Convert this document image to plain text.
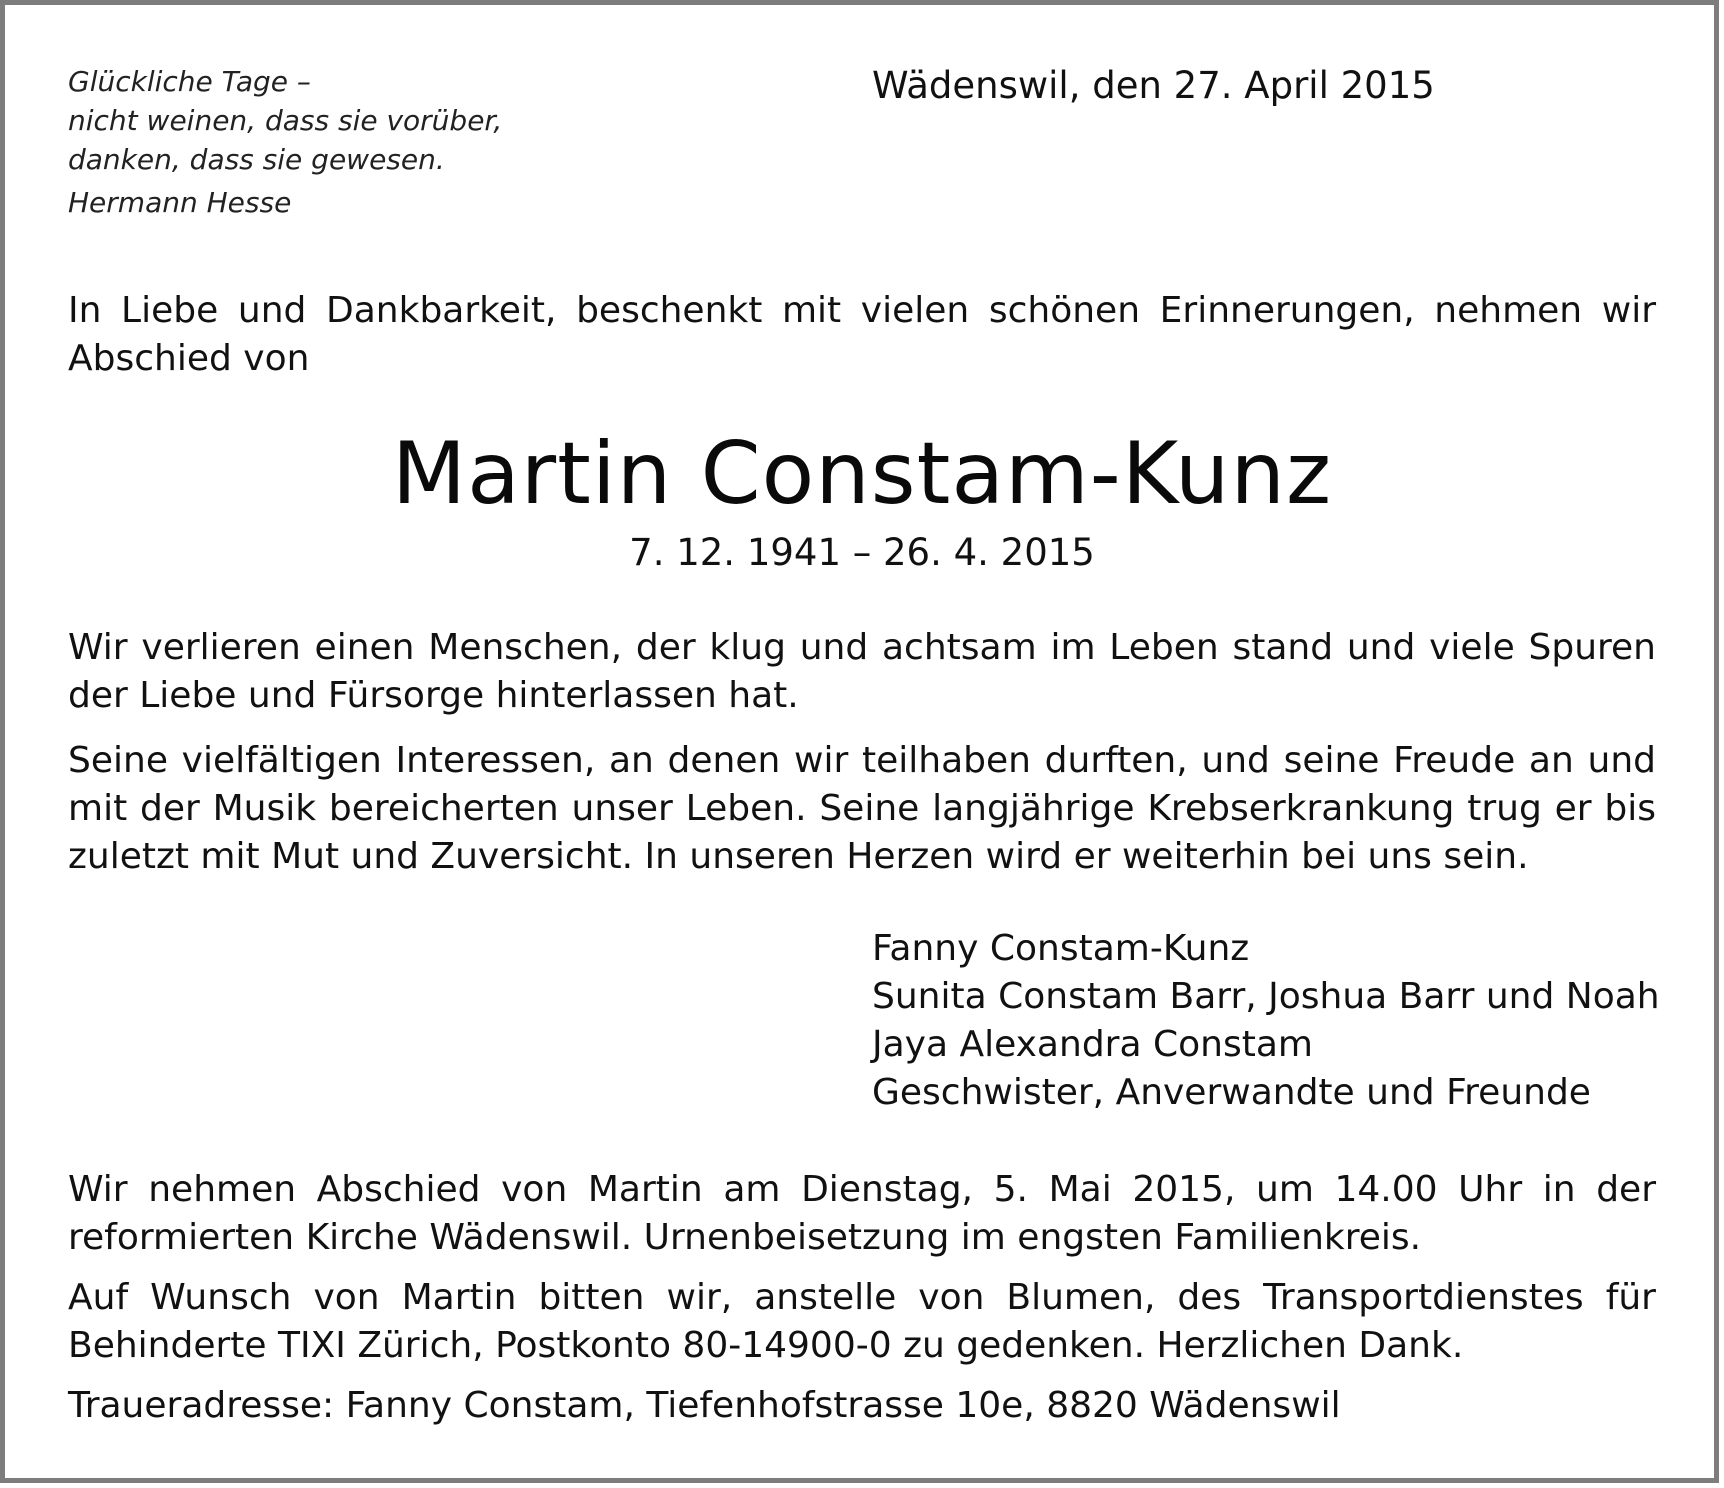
Glückliche Tage –
nicht weinen, dass sie vorüber,
danken, dass sie gewesen.
Hermann Hesse
Wädenswil, den 27. April 2015
In Liebe und Dankbarkeit, beschenkt mit vielen schönen Erinnerungen, nehmen wir Abschied von
Martin Constam-Kunz
7. 12. 1941 – 26. 4. 2015
Wir verlieren einen Menschen, der klug und achtsam im Leben stand und viele Spuren der Liebe und Fürsorge hinterlassen hat.
Seine vielfältigen Interessen, an denen wir teilhaben durften, und seine Freude an und mit der Musik bereicherten unser Leben. Seine langjährige Krebserkrankung trug er bis zuletzt mit Mut und Zuversicht. In unseren Herzen wird er weiterhin bei uns sein.
Fanny Constam-Kunz
Sunita Constam Barr, Joshua Barr und Noah
Jaya Alexandra Constam
Geschwister, Anverwandte und Freunde
Wir nehmen Abschied von Martin am Dienstag, 5. Mai 2015, um 14.00 Uhr in der reformierten Kirche Wädenswil. Urnenbeisetzung im engsten Familienkreis.
Auf Wunsch von Martin bitten wir, anstelle von Blumen, des Transportdienstes für Behinderte TIXI Zürich, Postkonto 80-14900-0 zu gedenken. Herzlichen Dank.
Traueradresse: Fanny Constam, Tiefenhofstrasse 10e, 8820 Wädenswil
